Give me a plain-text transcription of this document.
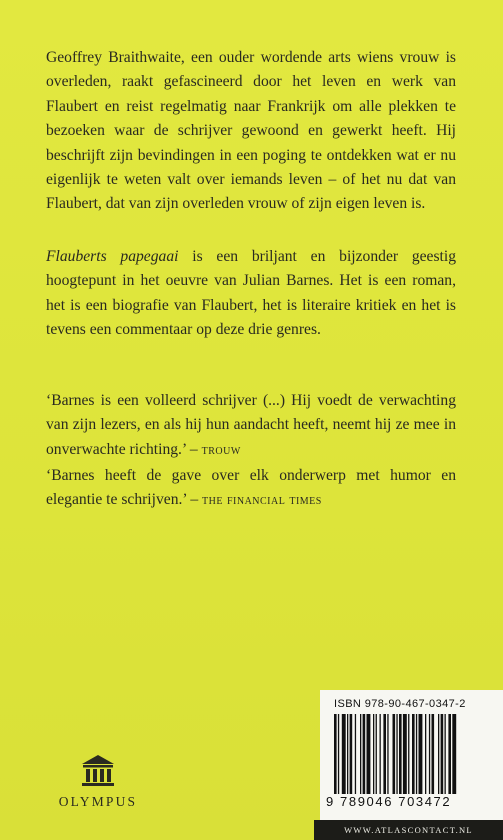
Geoffrey Braithwaite, een ouder wordende arts wiens vrouw is overleden, raakt gefascineerd door het leven en werk van Flaubert en reist regelmatig naar Frankrijk om alle plekken te bezoeken waar de schrijver gewoond en gewerkt heeft. Hij beschrijft zijn bevindingen in een poging te ontdekken wat er nu eigenlijk te weten valt over iemands leven – of het nu dat van Flaubert, dat van zijn overleden vrouw of zijn eigen leven is.

Flauberts papegaai is een briljant en bijzonder geestig hoogtepunt in het oeuvre van Julian Barnes. Het is een roman, het is een biografie van Flaubert, het is literaire kritiek en het is tevens een commentaar op deze drie genres.

‘Barnes is een volleerd schrijver (...) Hij voedt de verwachting van zijn lezers, en als hij hun aandacht heeft, neemt hij ze mee in onverwachte richting.’ – trouw

‘Barnes heeft de gave over elk onderwerp met humor en elegantie te schrijven.’ – the financial times

OLYMPUS
ISBN 978-90-467-0347-2
9 789046 703472
WWW.ATLASCONTACT.NL
